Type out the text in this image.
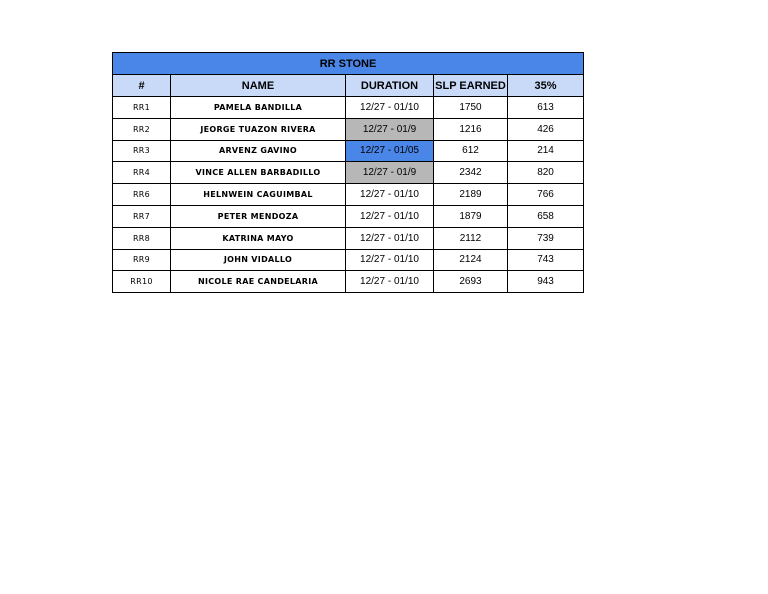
RR STONE				
#	NAME	DURATION	SLP EARNED	35%
RR1	PAMELA BANDILLA	12/27 - 01/10	1750	613
RR2	JEORGE TUAZON RIVERA	12/27 - 01/9	1216	426
RR3	ARVENZ GAVINO	12/27 - 01/05	612	214
RR4	VINCE ALLEN BARBADILLO	12/27 - 01/9	2342	820
RR6	HELNWEIN CAGUIMBAL	12/27 - 01/10	2189	766
RR7	PETER MENDOZA	12/27 - 01/10	1879	658
RR8	KATRINA MAYO	12/27 - 01/10	2112	739
RR9	JOHN VIDALLO	12/27 - 01/10	2124	743
RR10	NICOLE RAE CANDELARIA	12/27 - 01/10	2693	943
